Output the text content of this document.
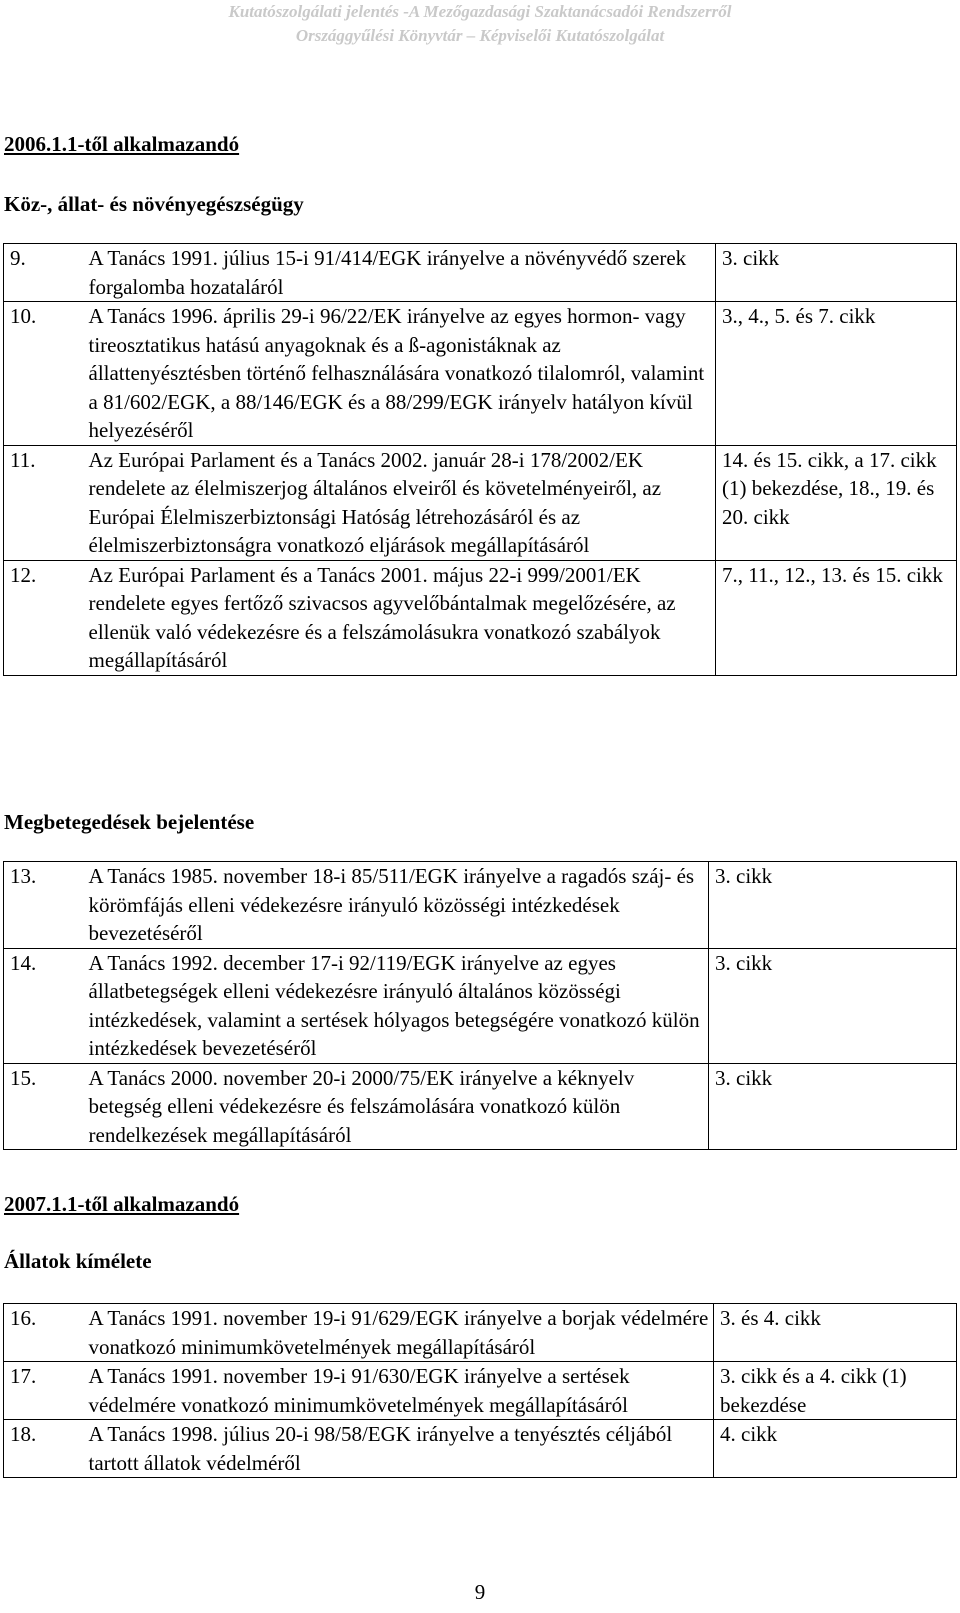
Kutatószolgálati jelentés -A Mezőgazdasági Szaktanácsadói Rendszerről
Országgyűlési Könyvtár – Képviselői Kutatószolgálat
2006.1.1-től alkalmazandó
Köz-, állat- és növényegészségügy
9.	A Tanács 1991. július 15-i 91/414/EGK irányelve a növényvédő szerek forgalomba hozataláról	3. cikk
10.	A Tanács 1996. április 29-i 96/22/EK irányelve az egyes hormon- vagy tireosztatikus hatású anyagoknak és a ß-agonistáknak az állattenyésztésben történő felhasználására vonatkozó tilalomról, valamint a 81/602/EGK, a 88/146/EGK és a 88/299/EGK irányelv hatályon kívül helyezéséről	3., 4., 5. és 7. cikk
11.	Az Európai Parlament és a Tanács 2002. január 28-i 178/2002/EK rendelete az élelmiszerjog általános elveiről és követelményeiről, az Európai Élelmiszerbiztonsági Hatóság létrehozásáról és az élelmiszerbiztonságra vonatkozó eljárások megállapításáról	14. és 15. cikk, a 17. cikk (1) bekezdése, 18., 19. és 20. cikk
12.	Az Európai Parlament és a Tanács 2001. május 22-i 999/2001/EK rendelete egyes fertőző szivacsos agyvelőbántalmak megelőzésére, az ellenük való védekezésre és a felszámolásukra vonatkozó szabályok megállapításáról	7., 11., 12., 13. és 15. cikk
Megbetegedések bejelentése
13.	A Tanács 1985. november 18-i 85/511/EGK irányelve a ragadós száj- és körömfájás elleni védekezésre irányuló közösségi intézkedések bevezetéséről	3. cikk
14.	A Tanács 1992. december 17-i 92/119/EGK irányelve az egyes állatbetegségek elleni védekezésre irányuló általános közösségi intézkedések, valamint a sertések hólyagos betegségére vonatkozó külön intézkedések bevezetéséről	3. cikk
15.	A Tanács 2000. november 20-i 2000/75/EK irányelve a kéknyelv betegség elleni védekezésre és felszámolására vonatkozó külön rendelkezések megállapításáról	3. cikk
2007.1.1-től alkalmazandó
Állatok kímélete
16.	A Tanács 1991. november 19-i 91/629/EGK irányelve a borjak védelmére vonatkozó minimumkövetelmények megállapításáról	3. és 4. cikk
17.	A Tanács 1991. november 19-i 91/630/EGK irányelve a sertések védelmére vonatkozó minimumkövetelmények megállapításáról	3. cikk és a 4. cikk (1) bekezdése
18.	A Tanács 1998. július 20-i 98/58/EGK irányelve a tenyésztés céljából tartott állatok védelméről	4. cikk
9
